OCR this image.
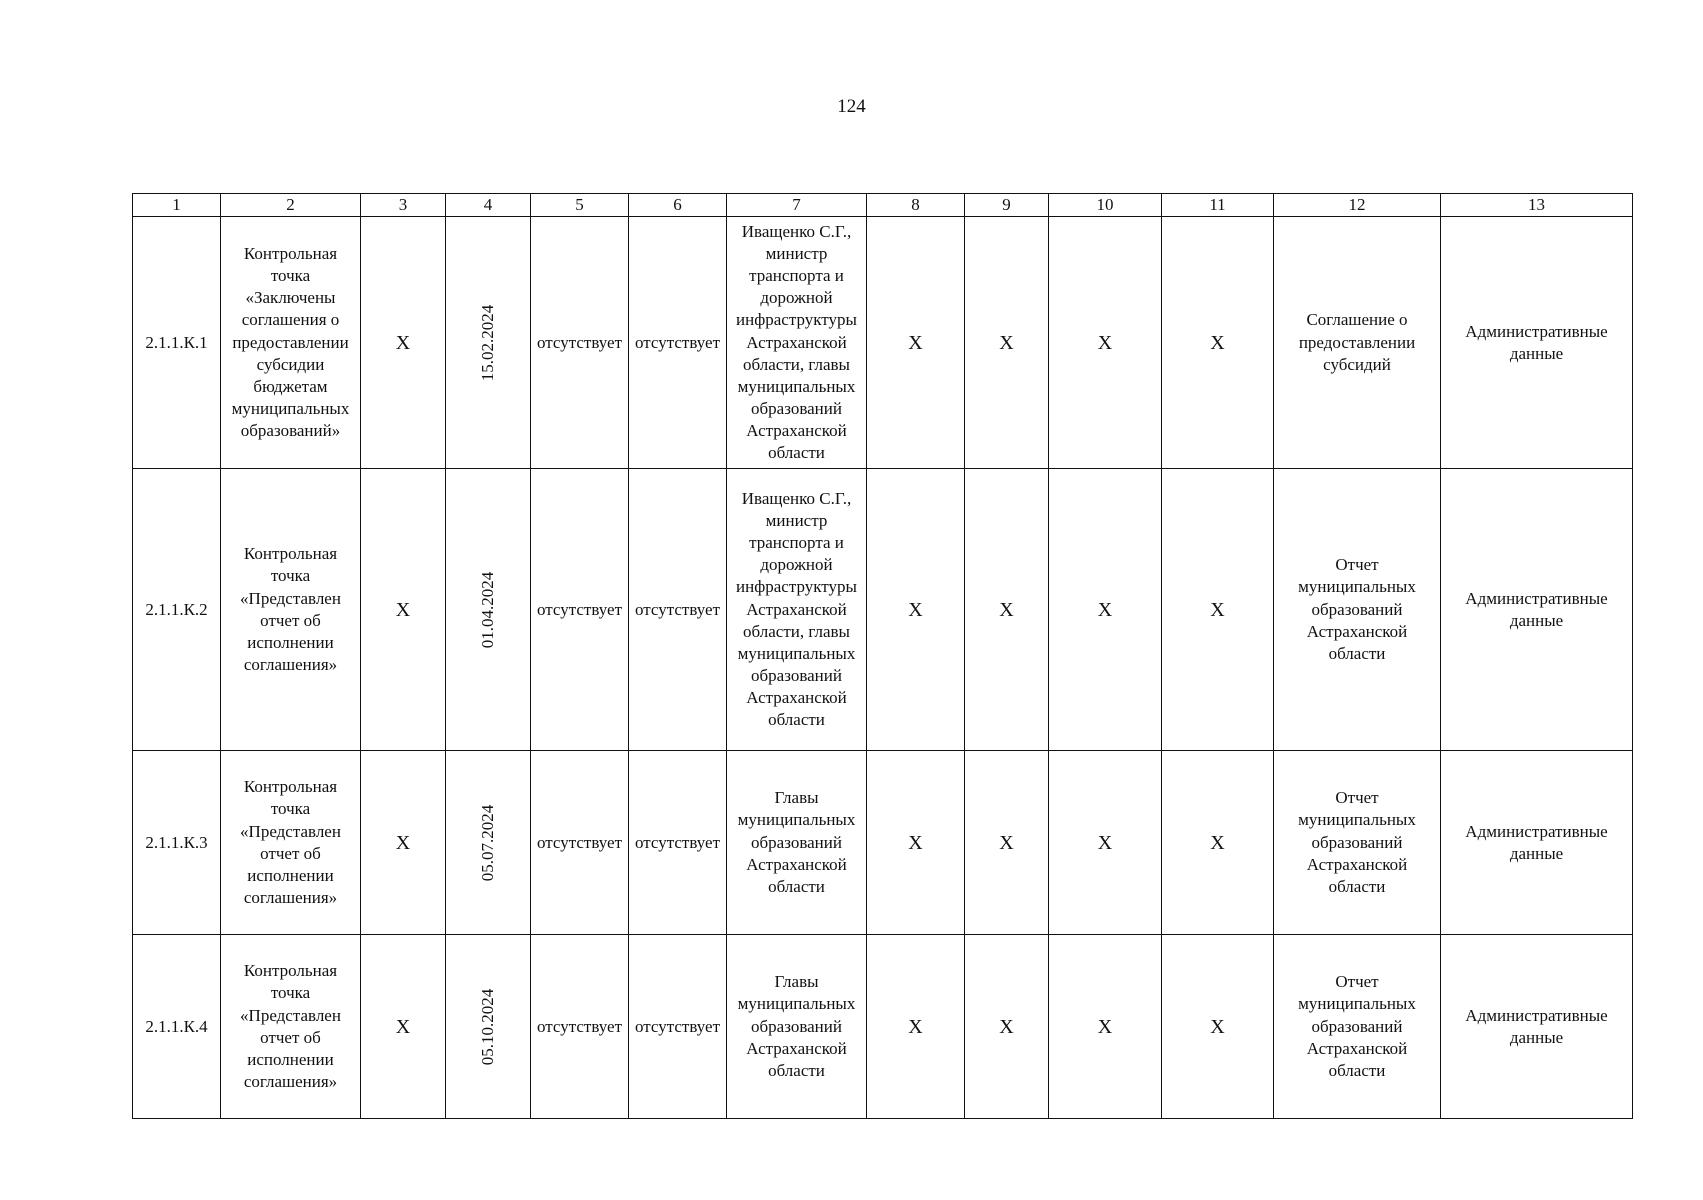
124
1	2	3	4	5	6	7	8	9	10	11	12	13
2.1.1.К.1	Контрольная точка «Заключены соглашения о предоставлении субсидии бюджетам муниципальных образований»	Х	15.02.2024	отсутствует	отсутствует	Иващенко С.Г., министр транспорта и дорожной инфраструктуры Астраханской области, главы муниципальных образований Астраханской области	Х	Х	Х	Х	Соглашение о предоставлении субсидий	Административные данные
2.1.1.К.2	Контрольная точка «Представлен отчет об исполнении соглашения»	Х	01.04.2024	отсутствует	отсутствует	Иващенко С.Г., министр транспорта и дорожной инфраструктуры Астраханской области, главы муниципальных образований Астраханской области	Х	Х	Х	Х	Отчет муниципальных образований Астраханской области	Административные данные
2.1.1.К.3	Контрольная точка «Представлен отчет об исполнении соглашения»	Х	05.07.2024	отсутствует	отсутствует	Главы муниципальных образований Астраханской области	Х	Х	Х	Х	Отчет муниципальных образований Астраханской области	Административные данные
2.1.1.К.4	Контрольная точка «Представлен отчет об исполнении соглашения»	Х	05.10.2024	отсутствует	отсутствует	Главы муниципальных образований Астраханской области	Х	Х	Х	Х	Отчет муниципальных образований Астраханской области	Административные данные
